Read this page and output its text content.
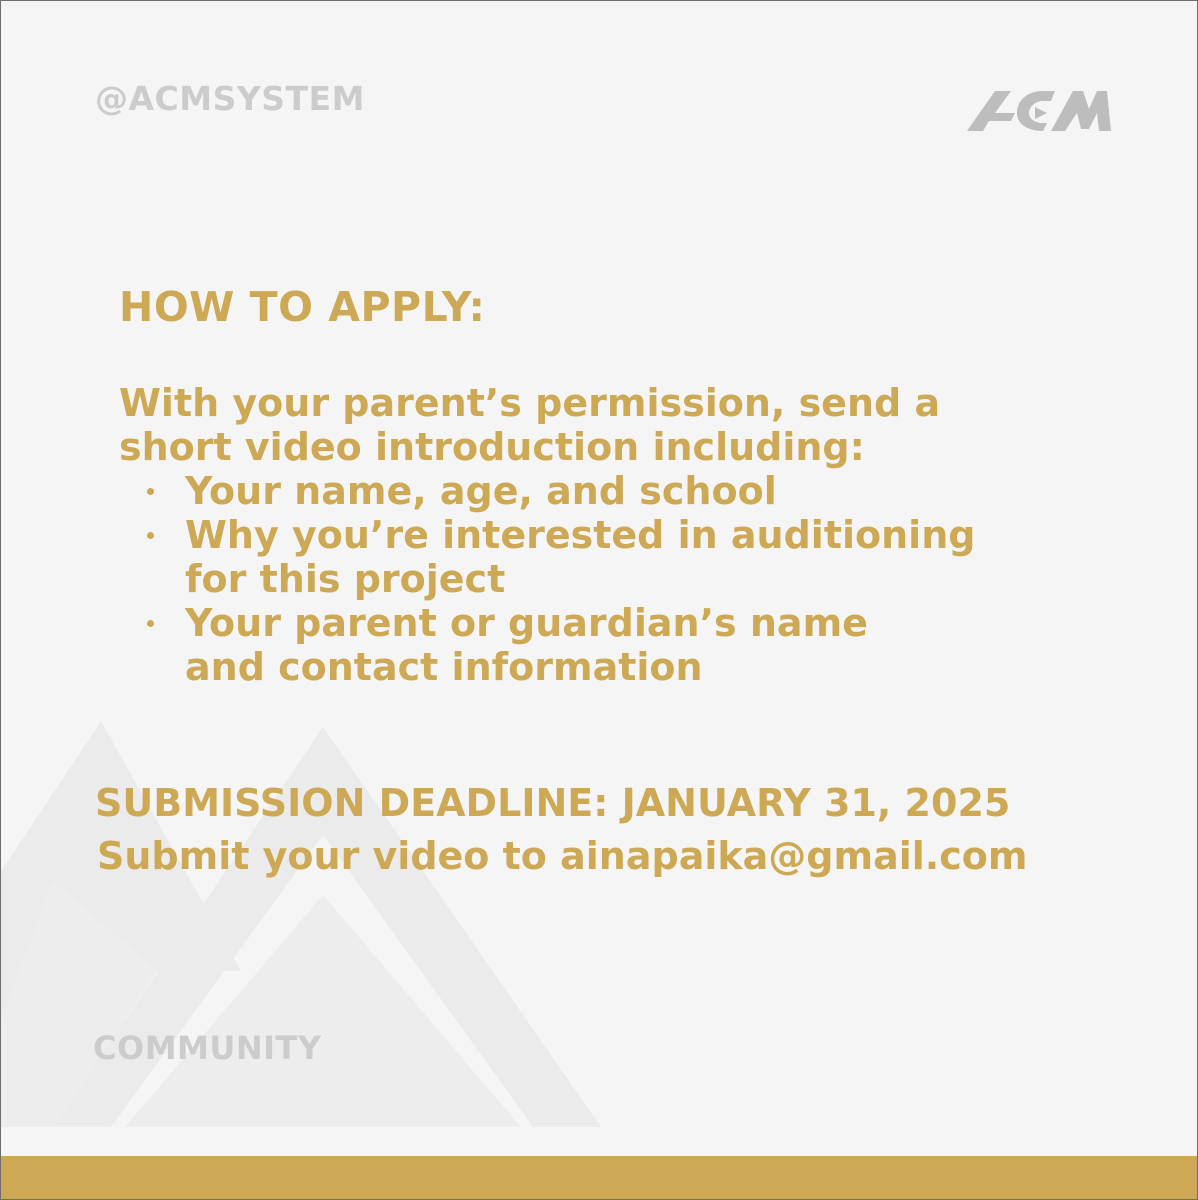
@ACMSYSTEM
HOW TO APPLY:

With your parent’s permission, send a short video introduction including:

Your name, age, and school
Why you’re interested in auditioning
for this project
Your parent or guardian’s name
and contact information
SUBMISSION DEADLINE: JANUARY 31, 2025

Submit your video to ainapaika@gmail.com

COMMUNITY
